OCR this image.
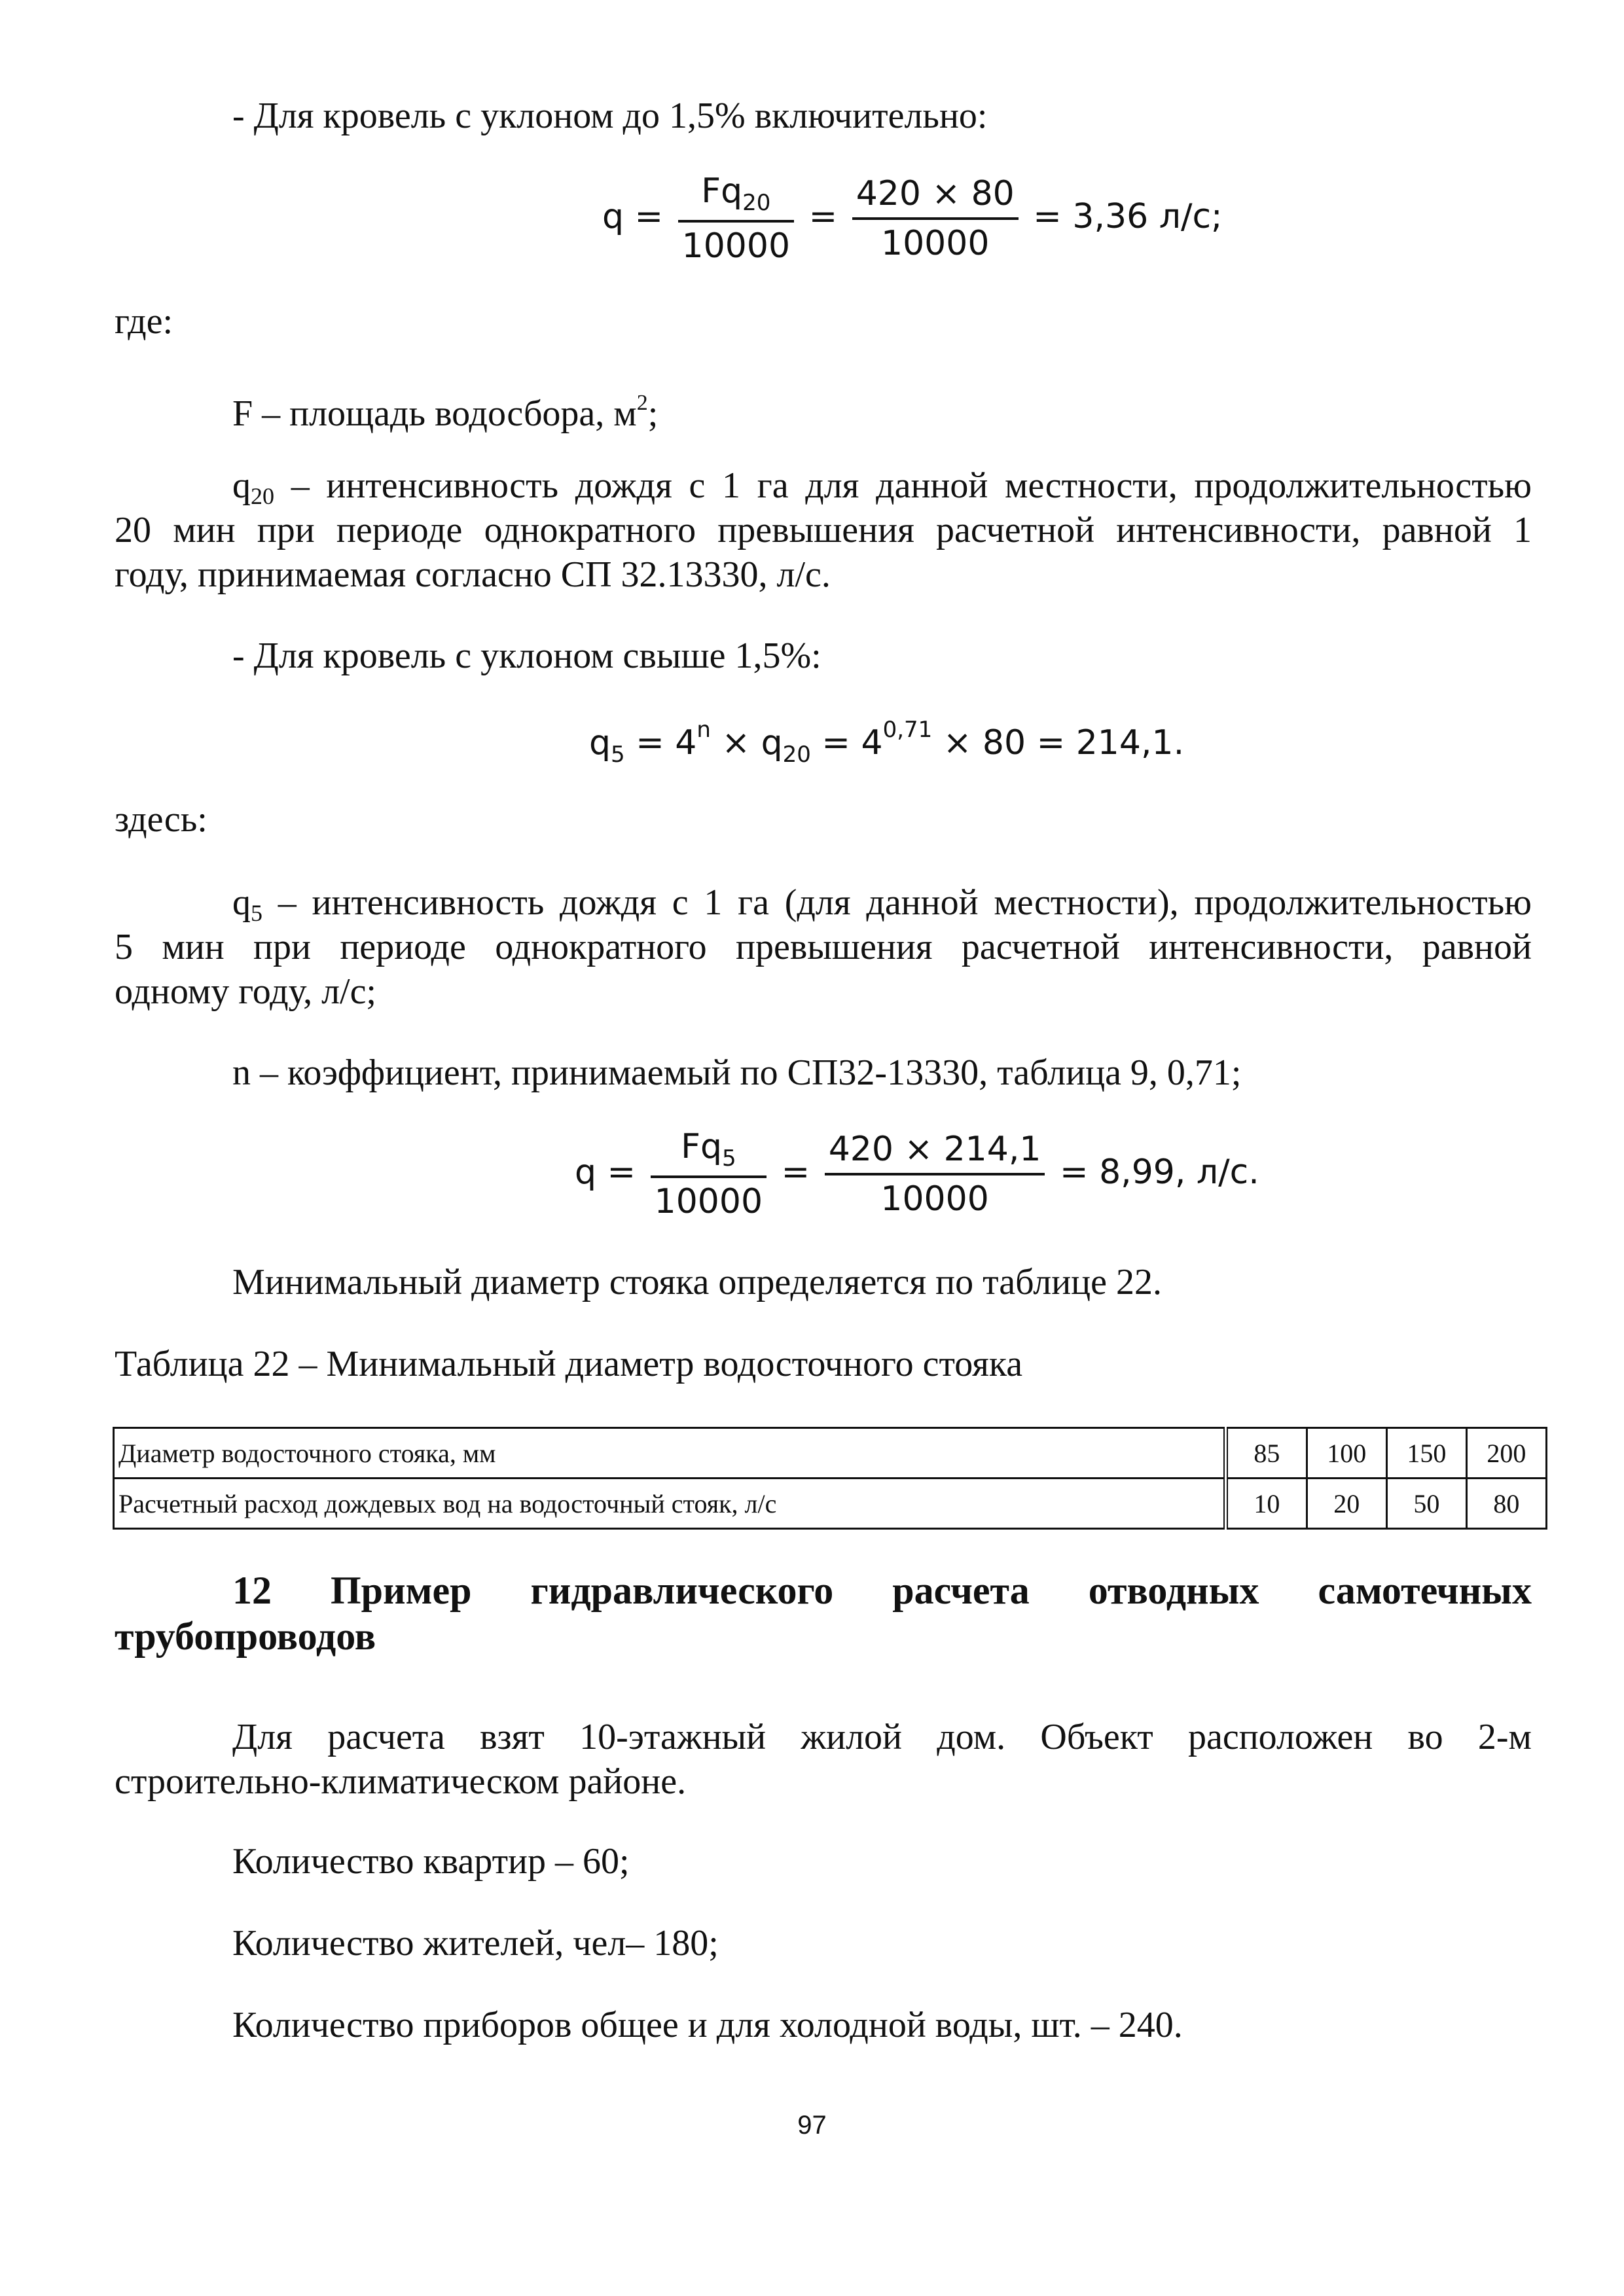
- Для кровель с уклоном до 1,5% включительно:
$q = \frac{Fq_{20}}{10000} = \frac{420 \times 80}{10000} = 3,36$ л/с;
где:
F – площадь водосбора, $м^2$;
q20 – интенсивность дождя с 1 га для данной местности, продолжительностью
20 мин при периоде однократного превышения расчетной интенсивности, равной 1
году, принимаемая согласно СП 32.13330, л/с.
- Для кровель с уклоном свыше 1,5%:
$q_5 = 4^n \times q_{20} = 4^{0,71} \times 80 = 214,1$.
здесь:
q5 – интенсивность дождя с 1 га (для данной местности), продолжительностью
5 мин при периоде однократного превышения расчетной интенсивности, равной
одному году, л/с;
n – коэффициент, принимаемый по СП32-13330, таблица 9, 0,71;
$q = \frac{Fq_5}{10000} = \frac{420 \times 214,1}{10000} = 8,99$, л/с.
Минимальный диаметр стояка определяется по таблице 22.
Таблица 22 – Минимальный диаметр водосточного стояка
Диаметр водосточного стояка, мм	85	100	150	200
Расчетный расход дождевых вод на водосточный стояк, л/с	10	20	50	80
12 Пример гидравлического расчета отводных самотечных
трубопроводов
Для расчета взят 10-этажный жилой дом. Объект расположен во 2-м
строительно-климатическом районе.
Количество квартир – 60;
Количество жителей, чел– 180;
Количество приборов общее и для холодной воды, шт. – 240.
97
